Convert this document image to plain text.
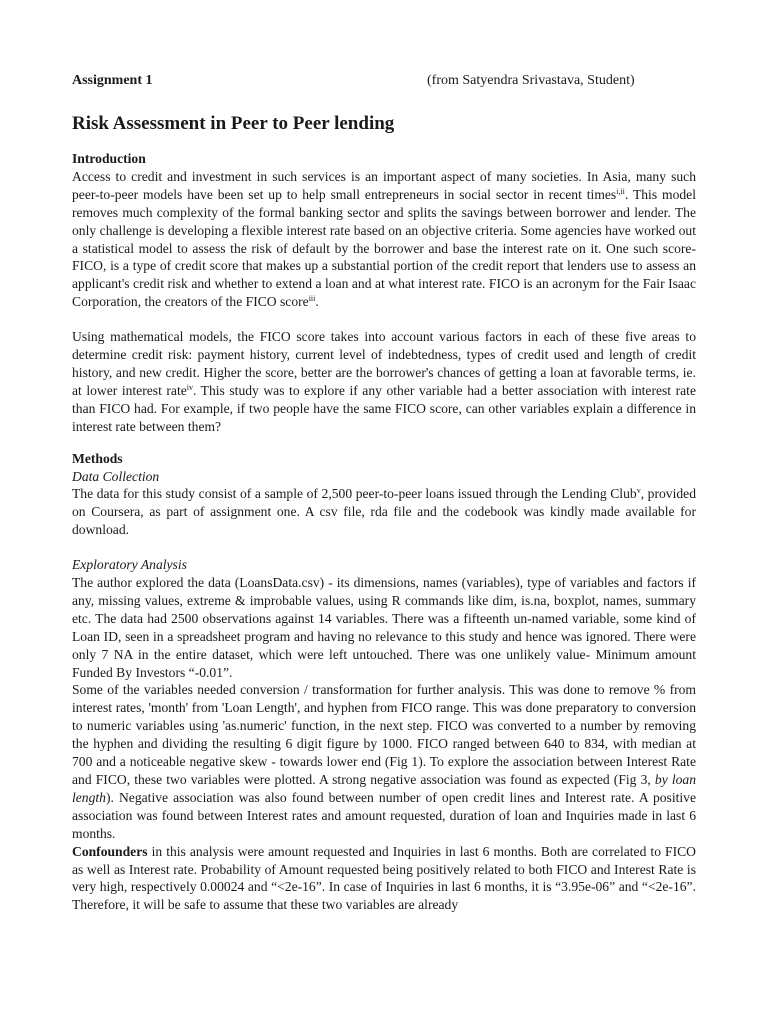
Assignment 1	(from Satyendra Srivastava, Student)
Risk Assessment in Peer to Peer lending
Introduction

Access to credit and investment in such services is an important aspect of many societies. In Asia, many such peer-to-peer models have been set up to help small entrepreneurs in social sector in recent times$^{i,ii}$. This model removes much complexity of the formal banking sector and splits the savings between borrower and lender. The only challenge is developing a flexible interest rate based on an objective criteria. Some agencies have worked out a statistical model to assess the risk of default by the borrower and base the interest rate on it. One such score- FICO, is a type of credit score that makes up a substantial portion of the credit report that lenders use to assess an applicant's credit risk and whether to extend a loan and at what interest rate. FICO is an acronym for the Fair Isaac Corporation, the creators of the FICO score$^{iii}$.

Using mathematical models, the FICO score takes into account various factors in each of these five areas to determine credit risk: payment history, current level of indebtedness, types of credit used and length of credit history, and new credit. Higher the score, better are the borrower's chances of getting a loan at favorable terms, ie. at lower interest rate$^{iv}$. This study was to explore if any other variable had a better association with interest rate than FICO had. For example, if two people have the same FICO score, can other variables explain a difference in interest rate between them?

Methods
Data Collection

The data for this study consist of a sample of 2,500 peer-to-peer loans issued through the Lending Club$^v$, provided on Coursera, as part of assignment one. A csv file, rda file and the codebook was kindly made available for download.

Exploratory Analysis

The author explored the data (LoansData.csv) - its dimensions, names (variables), type of variables and factors if any, missing values, extreme & improbable values, using R commands like dim, is.na, boxplot, names, summary etc. The data had 2500 observations against 14 variables. There was a fifteenth un-named variable, some kind of Loan ID, seen in a spreadsheet program and having no relevance to this study and hence was ignored. There were only 7 NA in the entire dataset, which were left untouched. There was one unlikely value- Minimum amount Funded By Investors “-0.01”.

Some of the variables needed conversion / transformation for further analysis. This was done to remove % from interest rates, 'month' from 'Loan Length', and hyphen from FICO range. This was done preparatory to conversion to numeric variables using 'as.numeric' function, in the next step. FICO was converted to a number by removing the hyphen and dividing the resulting 6 digit figure by 1000. FICO ranged between 640 to 834, with median at 700 and a noticeable negative skew - towards lower end (Fig 1). To explore the association between Interest Rate and FICO, these two variables were plotted. A strong negative association was found as expected (Fig 3, by loan length). Negative association was also found between number of open credit lines and Interest rate. A positive association was found between Interest rates and amount requested, duration of loan and Inquiries made in last 6 months.

Confounders in this analysis were amount requested and Inquiries in last 6 months. Both are correlated to FICO as well as Interest rate. Probability of Amount requested being positively related to both FICO and Interest Rate is very high, respectively 0.00024 and “<2e-16”. In case of Inquiries in last 6 months, it is “3.95e-06” and “<2e-16”. Therefore, it will be safe to assume that these two variables are already
